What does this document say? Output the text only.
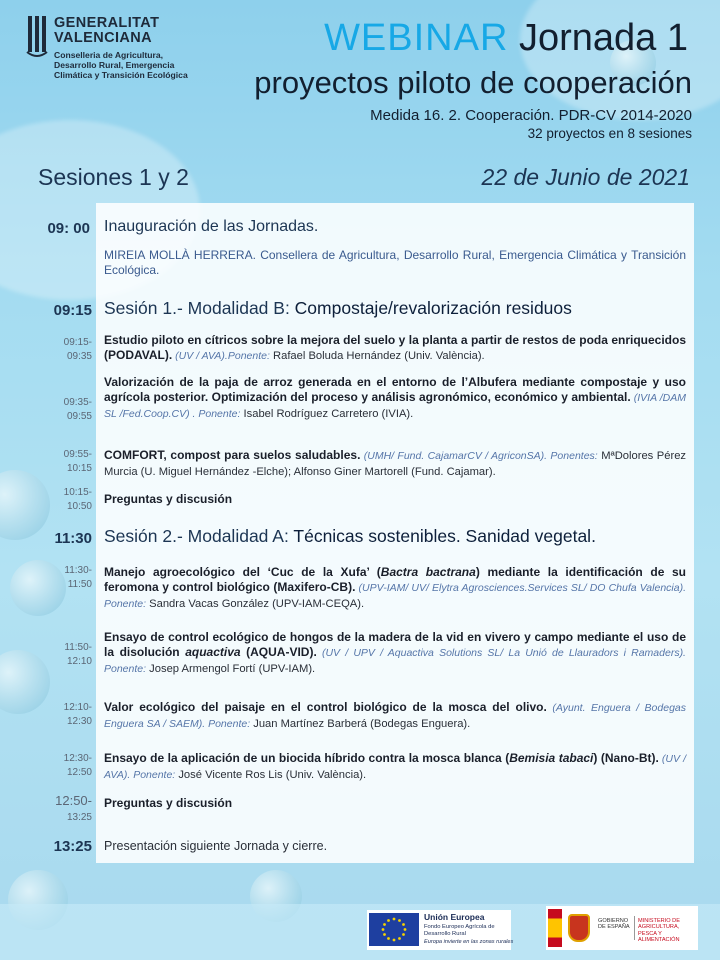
GENERALITAT VALENCIANA
Conselleria de Agricultura, Desarrollo Rural, Emergencia Climática y Transición Ecológica
WEBINAR Jornada 1
proyectos piloto de cooperación
Medida 16. 2. Cooperación. PDR-CV 2014-2020
32 proyectos en 8 sesiones
Sesiones 1 y 2	22 de Junio de 2021
09: 00 Inauguración de las Jornadas.
MIREIA MOLLÀ HERRERA. Consellera de Agricultura, Desarrollo Rural, Emergencia Climática y Transición Ecológica.
09:15 Sesión 1.- Modalidad B: Compostaje/revalorización residuos
09:15-
09:35
Estudio piloto en cítricos sobre la mejora del suelo y la planta a partir de restos de poda enriquecidos (PODAVAL). (UV / AVA).Ponente: Rafael Boluda Hernández (Univ. València).
09:35-
09:55
Valorización de la paja de arroz generada en el entorno de l’Albufera mediante compostaje y uso agrícola posterior. Optimización del proceso y análisis agronómico, económico y ambiental. (IVIA /DAM SL /Fed.Coop.CV) . Ponente: Isabel Rodríguez Carretero (IVIA).
09:55-
10:15
COMFORT, compost para suelos saludables. (UMH/ Fund. CajamarCV / AgriconSA). Ponentes: MªDolores Pérez Murcia (U. Miguel Hernández -Elche); Alfonso Giner Martorell (Fund. Cajamar).
10:15-
10:50
Preguntas y discusión
11:30 Sesión 2.- Modalidad A: Técnicas sostenibles. Sanidad vegetal.
11:30-
11:50
Manejo agroecológico del ‘Cuc de la Xufa’ (Bactra bactrana) mediante la identificación de su feromona y control biológico (Maxifero-CB). (UPV-IAM/ UV/ Elytra Agrosciences.Services SL/ DO Chufa Valencia). Ponente: Sandra Vacas González (UPV-IAM-CEQA).
11:50-
12:10
Ensayo de control ecológico de hongos de la madera de la vid en vivero y campo mediante el uso de la disolución aquactiva (AQUA-VID). (UV / UPV / Aquactiva Solutions SL/ La Unió de Llauradors i Ramaders). Ponente: Josep Armengol Fortí (UPV-IAM).
12:10-
12:30
Valor ecológico del paisaje en el control biológico de la mosca del olivo. (Ayunt. Enguera / Bodegas Enguera SA / SAEM). Ponente: Juan Martínez Barberá (Bodegas Enguera).
12:30-
12:50
Ensayo de la aplicación de un biocida híbrido contra la mosca blanca (Bemisia tabaci) (Nano-Bt). (UV / AVA). Ponente: José Vicente Ros Lis (Univ. València).
12:50-
13:25
Preguntas y discusión
13:25 Presentación siguiente Jornada y cierre.
Unión Europea
Fondo Europeo Agrícola de Desarrollo Rural
Europa invierte en las zonas rurales
GOBIERNO DE ESPAÑA
MINISTERIO DE AGRICULTURA, PESCA Y ALIMENTACIÓN
